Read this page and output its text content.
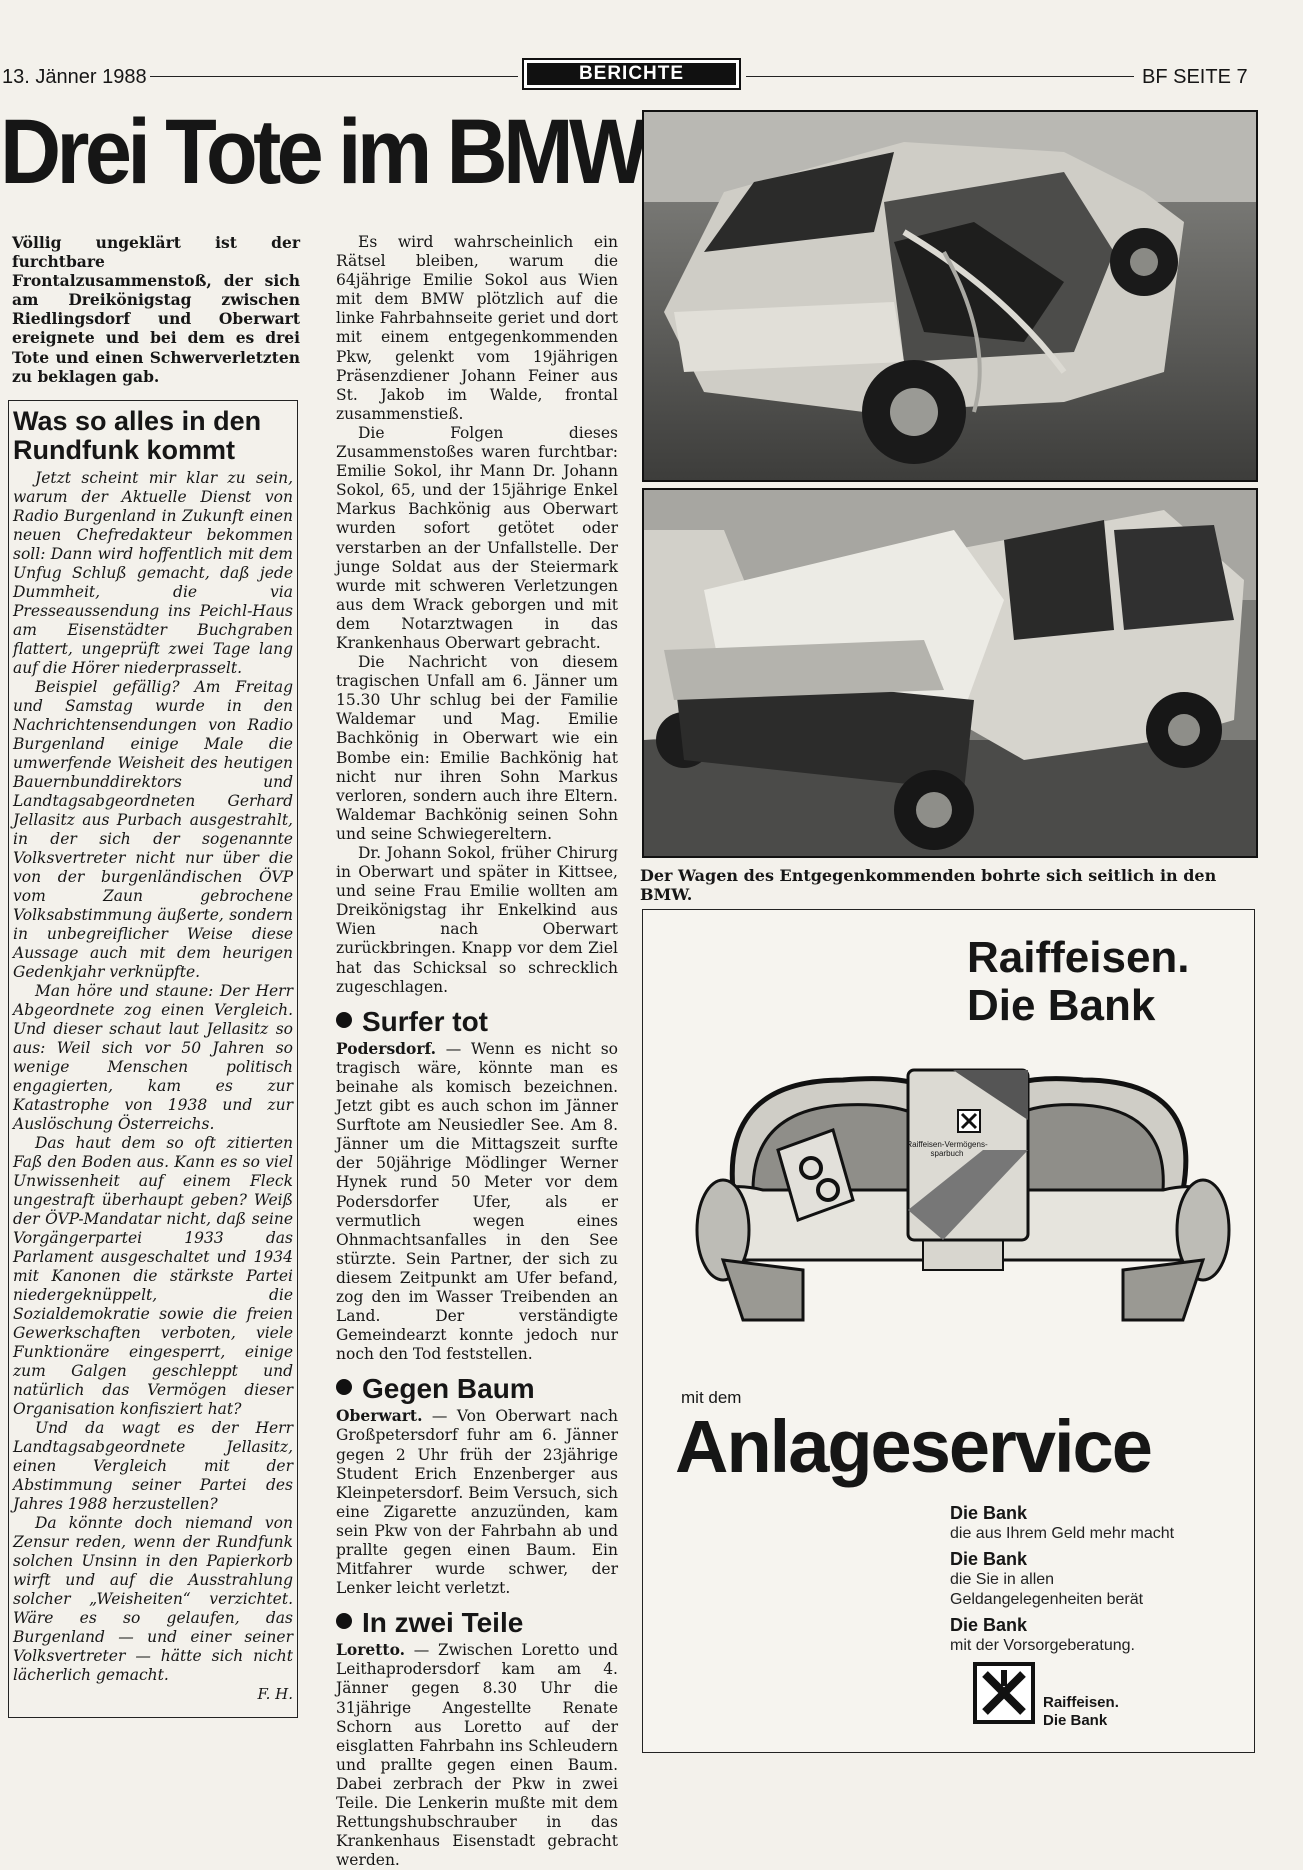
13. Jänner 1988	BERICHTE	BF SEITE 7
Drei Tote im BMW

Völlig ungeklärt ist der furchtbare Frontalzusammenstoß, der sich am Dreikönigstag zwischen Riedlingsdorf und Oberwart ereignete und bei dem es drei Tote und einen Schwerverletzten zu beklagen gab.

Was so alles in den Rundfunk kommt

Jetzt scheint mir klar zu sein, warum der Aktuelle Dienst von Radio Burgenland in Zukunft einen neuen Chefredakteur bekommen soll: Dann wird hoffentlich mit dem Unfug Schluß gemacht, daß jede Dummheit, die via Presseaussendung ins Peichl-Haus am Eisenstädter Buchgraben flattert, ungeprüft zwei Tage lang auf die Hörer niederprasselt.

Beispiel gefällig? Am Freitag und Samstag wurde in den Nachrichtensendungen von Radio Burgenland einige Male die umwerfende Weisheit des heutigen Bauernbunddirektors und Landtagsabgeordneten Gerhard Jellasitz aus Purbach ausgestrahlt, in der sich der sogenannte Volksvertreter nicht nur über die von der burgenländischen ÖVP vom Zaun gebrochene Volksabstimmung äußerte, sondern in unbegreiflicher Weise diese Aussage auch mit dem heurigen Gedenkjahr verknüpfte.

Man höre und staune: Der Herr Abgeordnete zog einen Vergleich. Und dieser schaut laut Jellasitz so aus: Weil sich vor 50 Jahren so wenige Menschen politisch engagierten, kam es zur Katastrophe von 1938 und zur Auslöschung Österreichs.

Das haut dem so oft zitierten Faß den Boden aus. Kann es so viel Unwissenheit auf einem Fleck ungestraft überhaupt geben? Weiß der ÖVP-Mandatar nicht, daß seine Vorgängerpartei 1933 das Parlament ausgeschaltet und 1934 mit Kanonen die stärkste Partei niedergeknüppelt, die Sozialdemokratie sowie die freien Gewerkschaften verboten, viele Funktionäre eingesperrt, einige zum Galgen geschleppt und natürlich das Vermögen dieser Organisation konfisziert hat?

Und da wagt es der Herr Landtagsabgeordnete Jellasitz, einen Vergleich mit der Abstimmung seiner Partei des Jahres 1988 herzustellen?

Da könnte doch niemand von Zensur reden, wenn der Rundfunk solchen Unsinn in den Papierkorb wirft und auf die Ausstrahlung solcher „Weisheiten“ verzichtet. Wäre es so gelaufen, das Burgenland — und einer seiner Volksvertreter — hätte sich nicht lächerlich gemacht.

F. H.

Es wird wahrscheinlich ein Rätsel bleiben, warum die 64jährige Emilie Sokol aus Wien mit dem BMW plötzlich auf die linke Fahrbahnseite geriet und dort mit einem entgegenkommenden Pkw, gelenkt vom 19jährigen Präsenzdiener Johann Feiner aus St. Jakob im Walde, frontal zusammenstieß.

Die Folgen dieses Zusammenstoßes waren furchtbar: Emilie Sokol, ihr Mann Dr. Johann Sokol, 65, und der 15jährige Enkel Markus Bachkönig aus Oberwart wurden sofort getötet oder verstarben an der Unfallstelle. Der junge Soldat aus der Steiermark wurde mit schweren Verletzungen aus dem Wrack geborgen und mit dem Notarztwagen in das Krankenhaus Oberwart gebracht.

Die Nachricht von diesem tragischen Unfall am 6. Jänner um 15.30 Uhr schlug bei der Familie Waldemar und Mag. Emilie Bachkönig in Oberwart wie ein Bombe ein: Emilie Bachkönig hat nicht nur ihren Sohn Markus verloren, sondern auch ihre Eltern. Waldemar Bachkönig seinen Sohn und seine Schwiegereltern.

Dr. Johann Sokol, früher Chirurg in Oberwart und später in Kittsee, und seine Frau Emilie wollten am Dreikönigstag ihr Enkelkind aus Wien nach Oberwart zurückbringen. Knapp vor dem Ziel hat das Schicksal so schrecklich zugeschlagen.

Surfer tot

Podersdorf. — Wenn es nicht so tragisch wäre, könnte man es beinahe als komisch bezeichnen. Jetzt gibt es auch schon im Jänner Surftote am Neusiedler See. Am 8. Jänner um die Mittagszeit surfte der 50jährige Mödlinger Werner Hynek rund 50 Meter vor dem Podersdorfer Ufer, als er vermutlich wegen eines Ohnmachtsanfalles in den See stürzte. Sein Partner, der sich zu diesem Zeitpunkt am Ufer befand, zog den im Wasser Treibenden an Land. Der verständigte Gemeindearzt konnte jedoch nur noch den Tod feststellen.

Gegen Baum

Oberwart. — Von Oberwart nach Großpetersdorf fuhr am 6. Jänner gegen 2 Uhr früh der 23jährige Student Erich Enzenberger aus Kleinpetersdorf. Beim Versuch, sich eine Zigarette anzuzünden, kam sein Pkw von der Fahrbahn ab und prallte gegen einen Baum. Ein Mitfahrer wurde schwer, der Lenker leicht verletzt.

In zwei Teile

Loretto. — Zwischen Loretto und Leithaprodersdorf kam am 4. Jänner gegen 8.30 Uhr die 31jährige Angestellte Renate Schorn aus Loretto auf der eisglatten Fahrbahn ins Schleudern und prallte gegen einen Baum. Dabei zerbrach der Pkw in zwei Teile. Die Lenkerin mußte mit dem Rettungshubschrauber in das Krankenhaus Eisenstadt gebracht werden.

Der Wagen des Entgegenkommenden bohrte sich seitlich in den BMW.
Raiffeisen.
Die Bank
Raiffeisen-Vermögens-sparbuch
mit dem
Anlageservice
Die Bank
die aus Ihrem Geld mehr macht
Die Bank
die Sie in allen
Geldangelegenheiten berät
Die Bank
mit der Vorsorgeberatung.
Raiffeisen.
Die Bank
